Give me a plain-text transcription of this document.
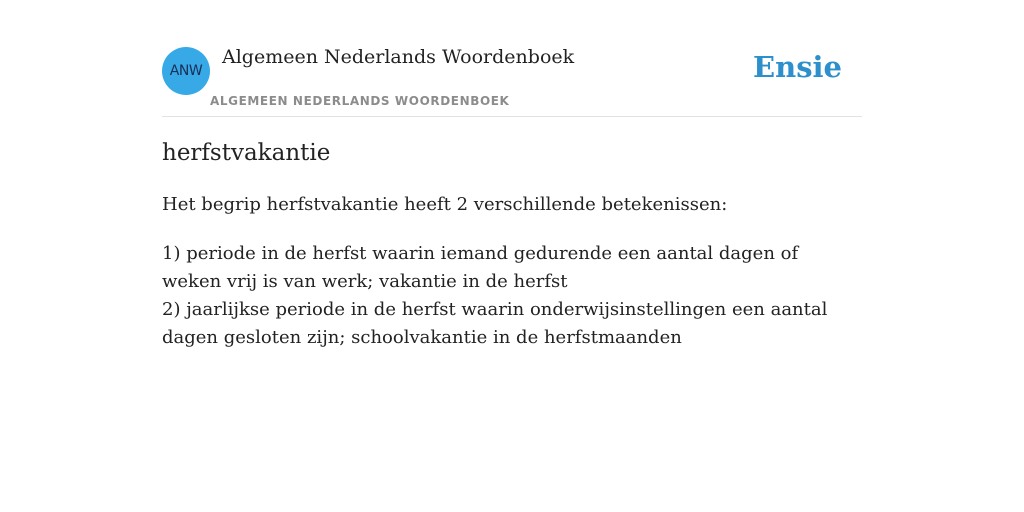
ANW
Algemeen Nederlands Woordenboek
ALGEMEEN NEDERLANDS WOORDENBOEK
Ensie
herfstvakantie

Het begrip herfstvakantie heeft 2 verschillende betekenissen:

1) periode in de herfst waarin iemand gedurende een aantal dagen of weken vrij is van werk; vakantie in de herfst
2) jaarlijkse periode in de herfst waarin onderwijsinstellingen een aantal dagen gesloten zijn; schoolvakantie in de herfstmaanden
